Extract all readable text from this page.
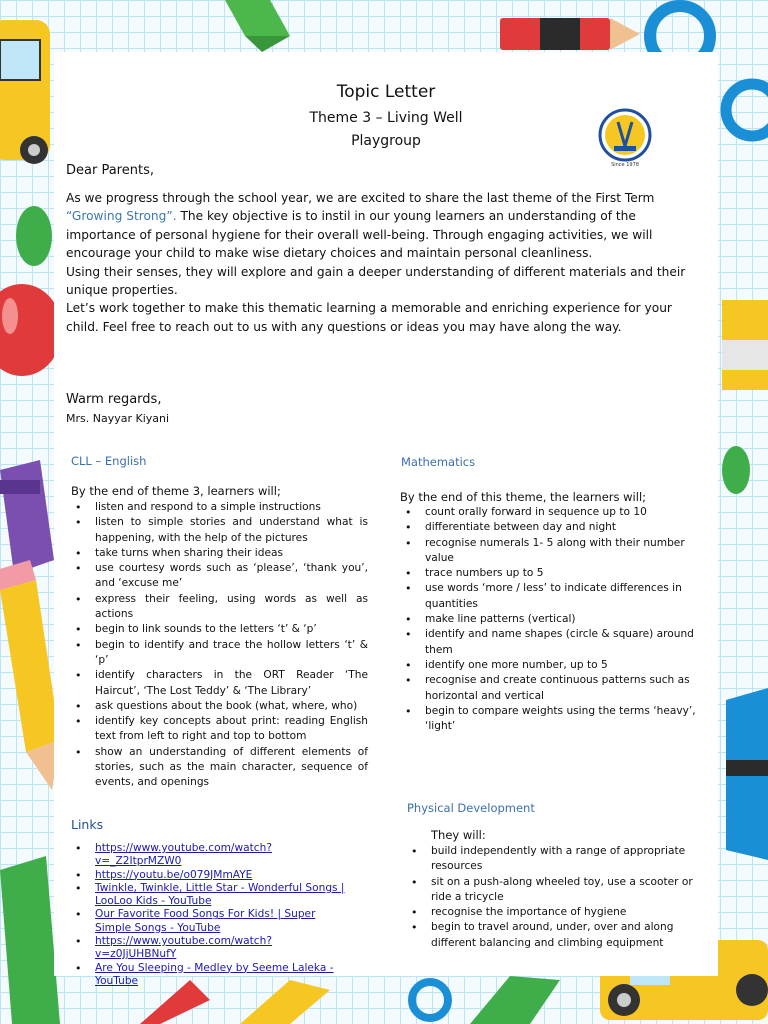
Topic Letter
Theme 3 – Living Well
Playgroup
Since 1978
Dear Parents,
As we progress through the school year, we are excited to share the last theme of the First Term “Growing Strong”. The key objective is to instil in our young learners an understanding of the importance of personal hygiene for their overall well-being. Through engaging activities, we will encourage your child to make wise dietary choices and maintain personal cleanliness.
Using their senses, they will explore and gain a deeper understanding of different materials and their unique properties.
Let’s work together to make this thematic learning a memorable and enriching experience for your child. Feel free to reach out to us with any questions or ideas you may have along the way.
Warm regards,
Mrs. Nayyar Kiyani
CLL – English
By the end of theme 3, learners will;
• listen and respond to a simple instructions
• listen to simple stories and understand what is happening, with the help of the pictures
• take turns when sharing their ideas
• use courtesy words such as ‘please’, ‘thank you’, and ‘excuse me’
• express their feeling, using words as well as actions
• begin to link sounds to the letters ‘t’ & ‘p’
• begin to identify and trace the hollow letters ‘t’ & ‘p’
• identify characters in the ORT Reader ‘The Haircut’, ‘The Lost Teddy’ & ‘The Library’
• ask questions about the book (what, where, who)
• identify key concepts about print: reading English text from left to right and top to bottom
• show an understanding of different elements of stories, such as the main character, sequence of events, and openings
Links
• https://www.youtube.com/watch?v=_Z2ItprMZW0
• https://youtu.be/o079JMmAYE
• Twinkle, Twinkle, Little Star - Wonderful Songs | LooLoo Kids - YouTube
• Our Favorite Food Songs For Kids! | Super Simple Songs - YouTube
• https://www.youtube.com/watch?v=z0JjUHBNufY
• Are You Sleeping - Medley by Seeme Laleka - YouTube
Mathematics
By the end of this theme, the learners will;
• count orally forward in sequence up to 10
• differentiate between day and night
• recognise numerals 1- 5 along with their number value
• trace numbers up to 5
• use words ‘more / less’ to indicate differences in quantities
• make line patterns (vertical)
• identify and name shapes (circle & square) around them
• identify one more number, up to 5
• recognise and create continuous patterns such as horizontal and vertical
• begin to compare weights using the terms ‘heavy’, ‘light’
Physical Development
They will:
• build independently with a range of appropriate resources
• sit on a push-along wheeled toy, use a scooter or ride a tricycle
• recognise the importance of hygiene
• begin to travel around, under, over and along different balancing and climbing equipment
